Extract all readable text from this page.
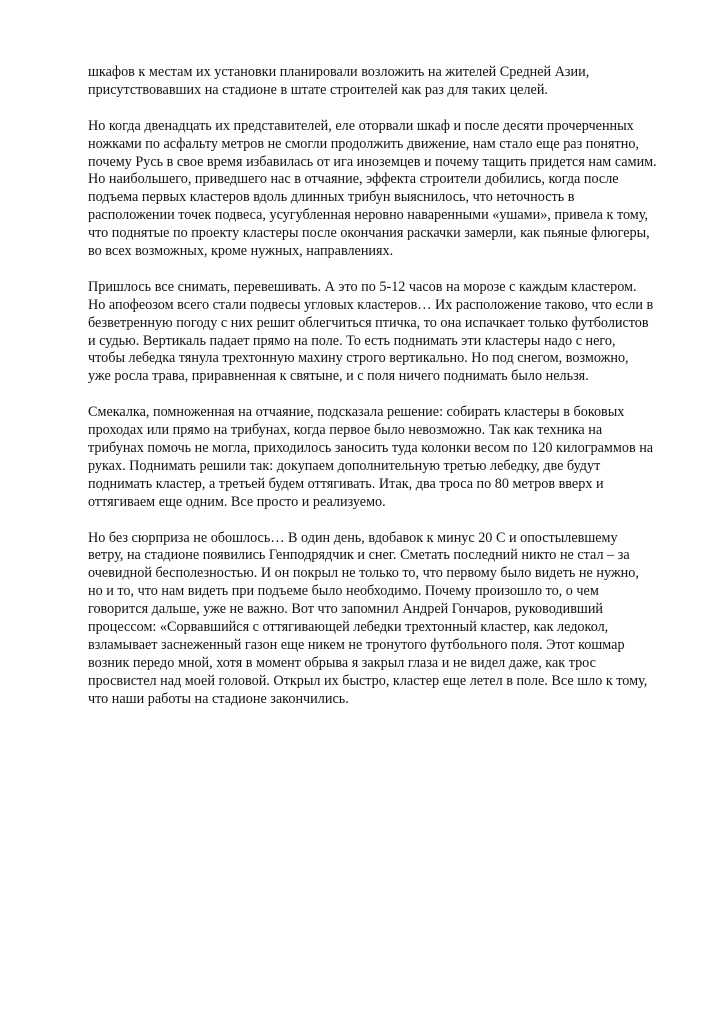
шкафов к местам их установки планировали возложить на жителей Средней Азии,
присутствовавших на стадионе в штате строителей как раз для таких целей.

Но когда двенадцать их представителей, еле оторвали шкаф и после десяти прочерченных
ножками по асфальту метров не смогли продолжить движение, нам стало еще раз понятно,
почему Русь в свое время избавилась от ига иноземцев и почему тащить придется нам самим.
Но наибольшего, приведшего нас в отчаяние, эффекта строители добились, когда после
подъема первых кластеров вдоль длинных трибун выяснилось, что неточность в
расположении точек подвеса, усугубленная неровно наваренными «ушами», привела к тому,
что поднятые по проекту кластеры после окончания раскачки замерли, как пьяные флюгеры,
во всех возможных, кроме нужных, направлениях.

Пришлось все снимать, перевешивать. А это по 5-12 часов на морозе с каждым кластером.
Но апофеозом всего стали подвесы угловых кластеров… Их расположение таково, что если в
безветренную погоду с них решит облегчиться птичка, то она испачкает только футболистов
и судью. Вертикаль падает прямо на поле. То есть поднимать эти кластеры надо с него,
чтобы лебедка тянула трехтонную махину строго вертикально. Но под снегом, возможно,
уже росла трава, приравненная к святыне, и с поля ничего поднимать было нельзя.

Смекалка, помноженная на отчаяние, подсказала решение: собирать кластеры в боковых
проходах или прямо на трибунах, когда первое было невозможно. Так как техника на
трибунах помочь не могла, приходилось заносить туда колонки весом по 120 килограммов на
руках. Поднимать решили так: докупаем дополнительную третью лебедку, две будут
поднимать кластер, а третьей будем оттягивать. Итак, два троса по 80 метров вверх и
оттягиваем еще одним. Все просто и реализуемо.

Но без сюрприза не обошлось… В один день, вдобавок к минус 20 С и опостылевшему
ветру, на стадионе появились Генподрядчик и снег. Сметать последний никто не стал – за
очевидной бесполезностью. И он покрыл не только то, что первому было видеть не нужно,
но и то, что нам видеть при подъеме было необходимо. Почему произошло то, о чем
говорится дальше, уже не важно. Вот что запомнил Андрей Гончаров, руководивший
процессом: «Сорвавшийся с оттягивающей лебедки трехтонный кластер, как ледокол,
взламывает заснеженный газон еще никем не тронутого футбольного поля. Этот кошмар
возник передо мной, хотя в момент обрыва я закрыл глаза и не видел даже, как трос
просвистел над моей головой. Открыл их быстро, кластер еще летел в поле. Все шло к тому,
что наши работы на стадионе закончились.
